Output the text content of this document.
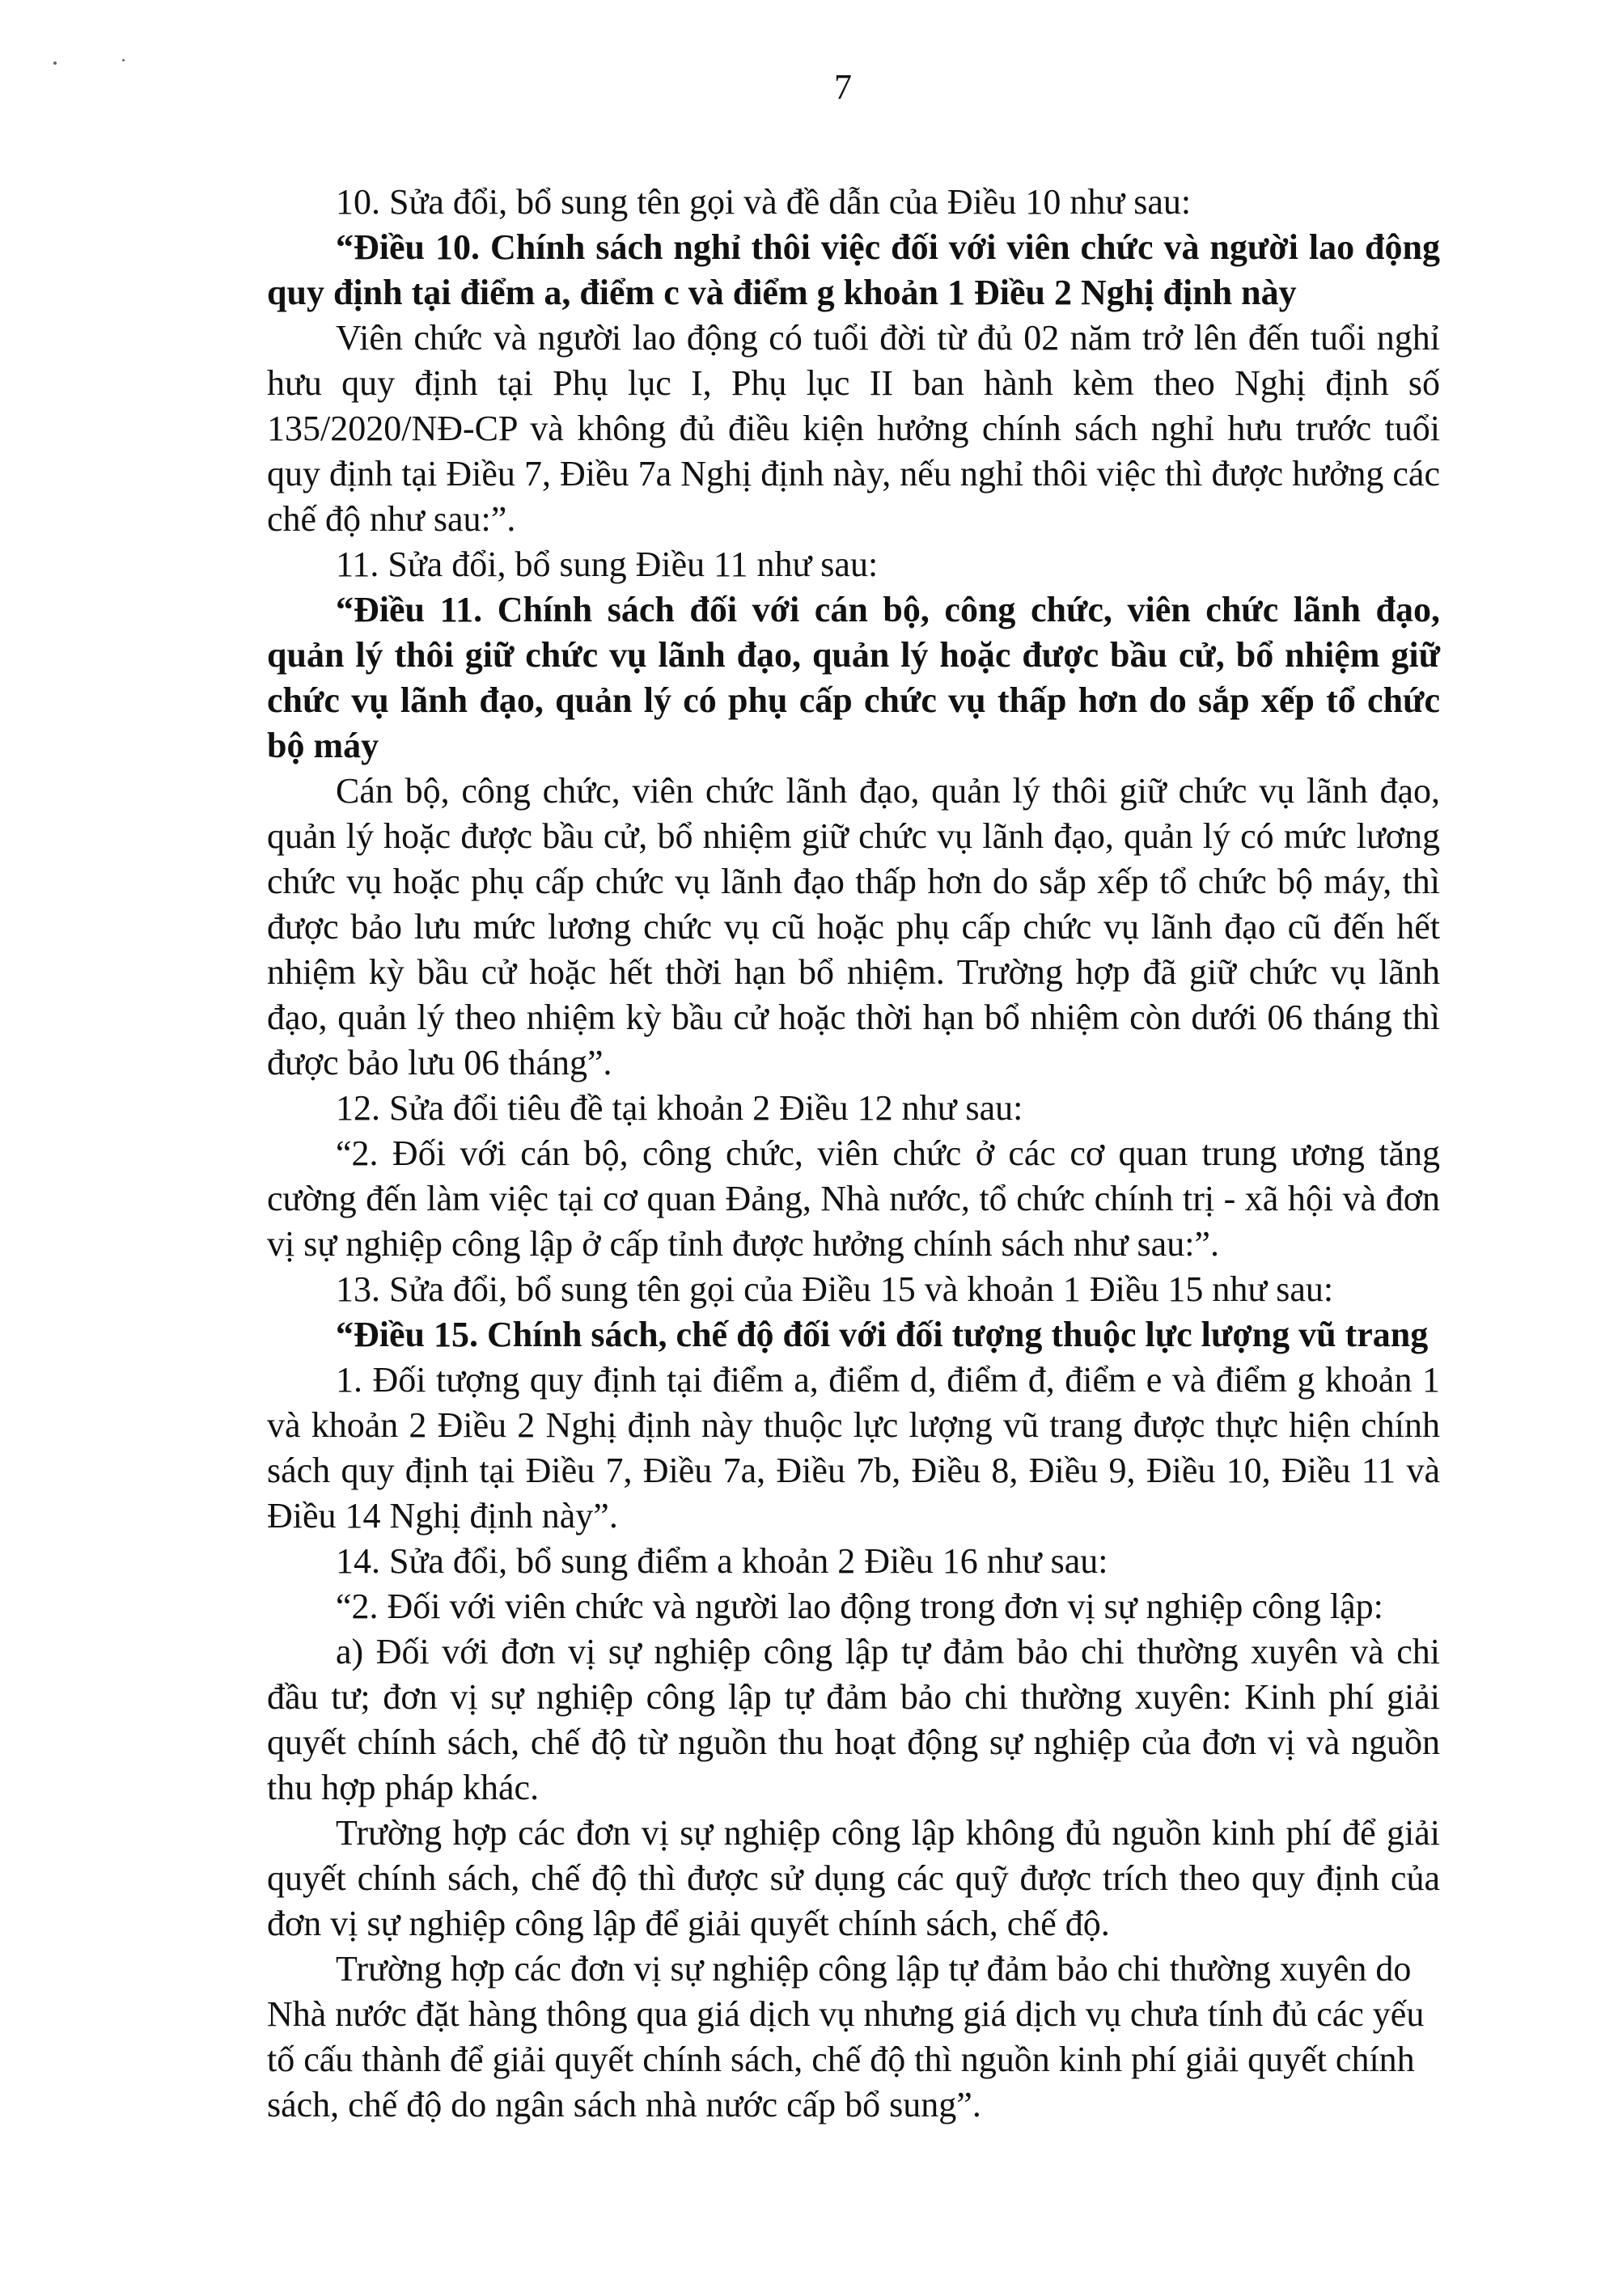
7

10. Sửa đổi, bổ sung tên gọi và đề dẫn của Điều 10 như sau:

“Điều 10. Chính sách nghỉ thôi việc đối với viên chức và người lao động quy định tại điểm a, điểm c và điểm g khoản 1 Điều 2 Nghị định này

Viên chức và người lao động có tuổi đời từ đủ 02 năm trở lên đến tuổi nghỉ hưu quy định tại Phụ lục I, Phụ lục II ban hành kèm theo Nghị định số 135/2020/NĐ-CP và không đủ điều kiện hưởng chính sách nghỉ hưu trước tuổi quy định tại Điều 7, Điều 7a Nghị định này, nếu nghỉ thôi việc thì được hưởng các chế độ như sau:”.

11. Sửa đổi, bổ sung Điều 11 như sau:

“Điều 11. Chính sách đối với cán bộ, công chức, viên chức lãnh đạo, quản lý thôi giữ chức vụ lãnh đạo, quản lý hoặc được bầu cử, bổ nhiệm giữ chức vụ lãnh đạo, quản lý có phụ cấp chức vụ thấp hơn do sắp xếp tổ chức bộ máy

Cán bộ, công chức, viên chức lãnh đạo, quản lý thôi giữ chức vụ lãnh đạo, quản lý hoặc được bầu cử, bổ nhiệm giữ chức vụ lãnh đạo, quản lý có mức lương chức vụ hoặc phụ cấp chức vụ lãnh đạo thấp hơn do sắp xếp tổ chức bộ máy, thì được bảo lưu mức lương chức vụ cũ hoặc phụ cấp chức vụ lãnh đạo cũ đến hết nhiệm kỳ bầu cử hoặc hết thời hạn bổ nhiệm. Trường hợp đã giữ chức vụ lãnh đạo, quản lý theo nhiệm kỳ bầu cử hoặc thời hạn bổ nhiệm còn dưới 06 tháng thì được bảo lưu 06 tháng”.

12. Sửa đổi tiêu đề tại khoản 2 Điều 12 như sau:

“2. Đối với cán bộ, công chức, viên chức ở các cơ quan trung ương tăng cường đến làm việc tại cơ quan Đảng, Nhà nước, tổ chức chính trị - xã hội và đơn vị sự nghiệp công lập ở cấp tỉnh được hưởng chính sách như sau:”.

13. Sửa đổi, bổ sung tên gọi của Điều 15 và khoản 1 Điều 15 như sau:

“Điều 15. Chính sách, chế độ đối với đối tượng thuộc lực lượng vũ trang

1. Đối tượng quy định tại điểm a, điểm d, điểm đ, điểm e và điểm g khoản 1 và khoản 2 Điều 2 Nghị định này thuộc lực lượng vũ trang được thực hiện chính sách quy định tại Điều 7, Điều 7a, Điều 7b, Điều 8, Điều 9, Điều 10, Điều 11 và Điều 14 Nghị định này”.

14. Sửa đổi, bổ sung điểm a khoản 2 Điều 16 như sau:

“2. Đối với viên chức và người lao động trong đơn vị sự nghiệp công lập:

a) Đối với đơn vị sự nghiệp công lập tự đảm bảo chi thường xuyên và chi đầu tư; đơn vị sự nghiệp công lập tự đảm bảo chi thường xuyên: Kinh phí giải quyết chính sách, chế độ từ nguồn thu hoạt động sự nghiệp của đơn vị và nguồn thu hợp pháp khác.

Trường hợp các đơn vị sự nghiệp công lập không đủ nguồn kinh phí để giải quyết chính sách, chế độ thì được sử dụng các quỹ được trích theo quy định của đơn vị sự nghiệp công lập để giải quyết chính sách, chế độ.

Trường hợp các đơn vị sự nghiệp công lập tự đảm bảo chi thường xuyên do Nhà nước đặt hàng thông qua giá dịch vụ nhưng giá dịch vụ chưa tính đủ các yếu tố cấu thành để giải quyết chính sách, chế độ thì nguồn kinh phí giải quyết chính sách, chế độ do ngân sách nhà nước cấp bổ sung”.
